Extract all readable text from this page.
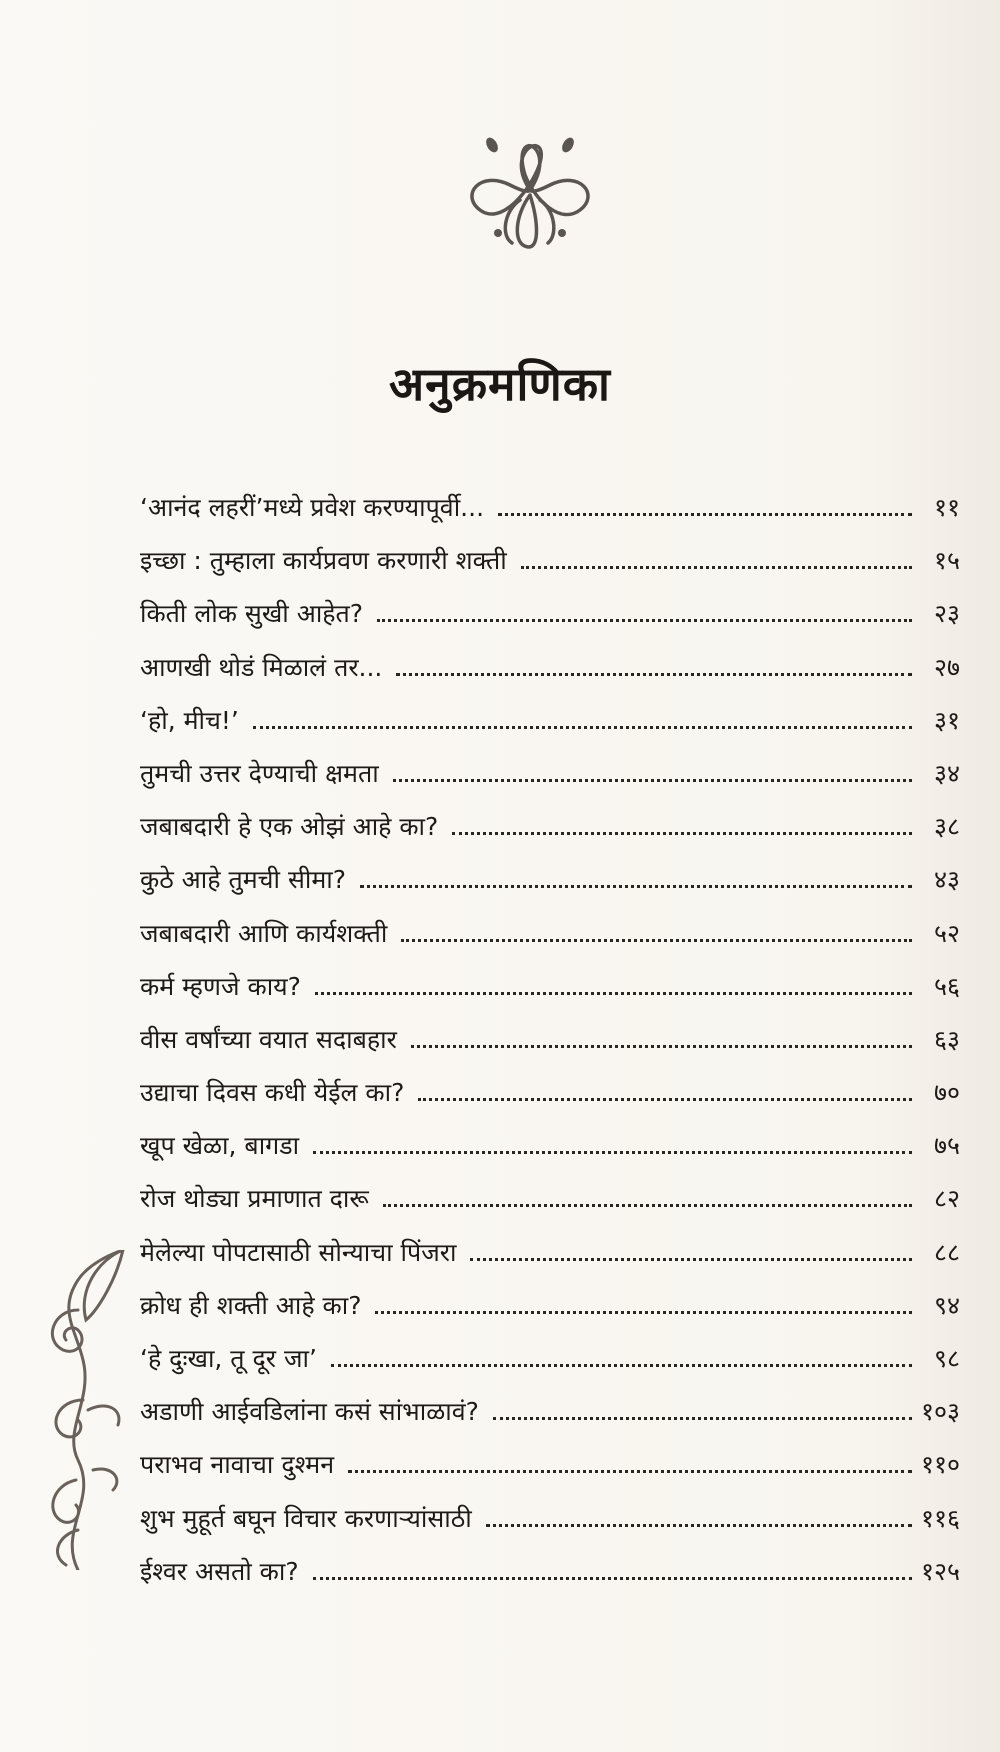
अनुक्रमणिका
‘आनंद लहरीं’मध्ये प्रवेश करण्यापूर्वी...	११
इच्छा : तुम्हाला कार्यप्रवण करणारी शक्ती	१५
किती लोक सुखी आहेत?	२३
आणखी थोडं मिळालं तर...	२७
‘हो, मीच!’	३१
तुमची उत्तर देण्याची क्षमता	३४
जबाबदारी हे एक ओझं आहे का?	३८
कुठे आहे तुमची सीमा?	४३
जबाबदारी आणि कार्यशक्ती	५२
कर्म म्हणजे काय?	५६
वीस वर्षांच्या वयात सदाबहार	६३
उद्याचा दिवस कधी येईल का?	७०
खूप खेळा, बागडा	७५
रोज थोड्या प्रमाणात दारू	८२
मेलेल्या पोपटासाठी सोन्याचा पिंजरा	८८
क्रोध ही शक्ती आहे का?	९४
‘हे दुःखा, तू दूर जा’	९८
अडाणी आईवडिलांना कसं सांभाळावं?	१०३
पराभव नावाचा दुश्मन	११०
शुभ मुहूर्त बघून विचार करणाऱ्यांसाठी	११६
ईश्वर असतो का?	१२५
